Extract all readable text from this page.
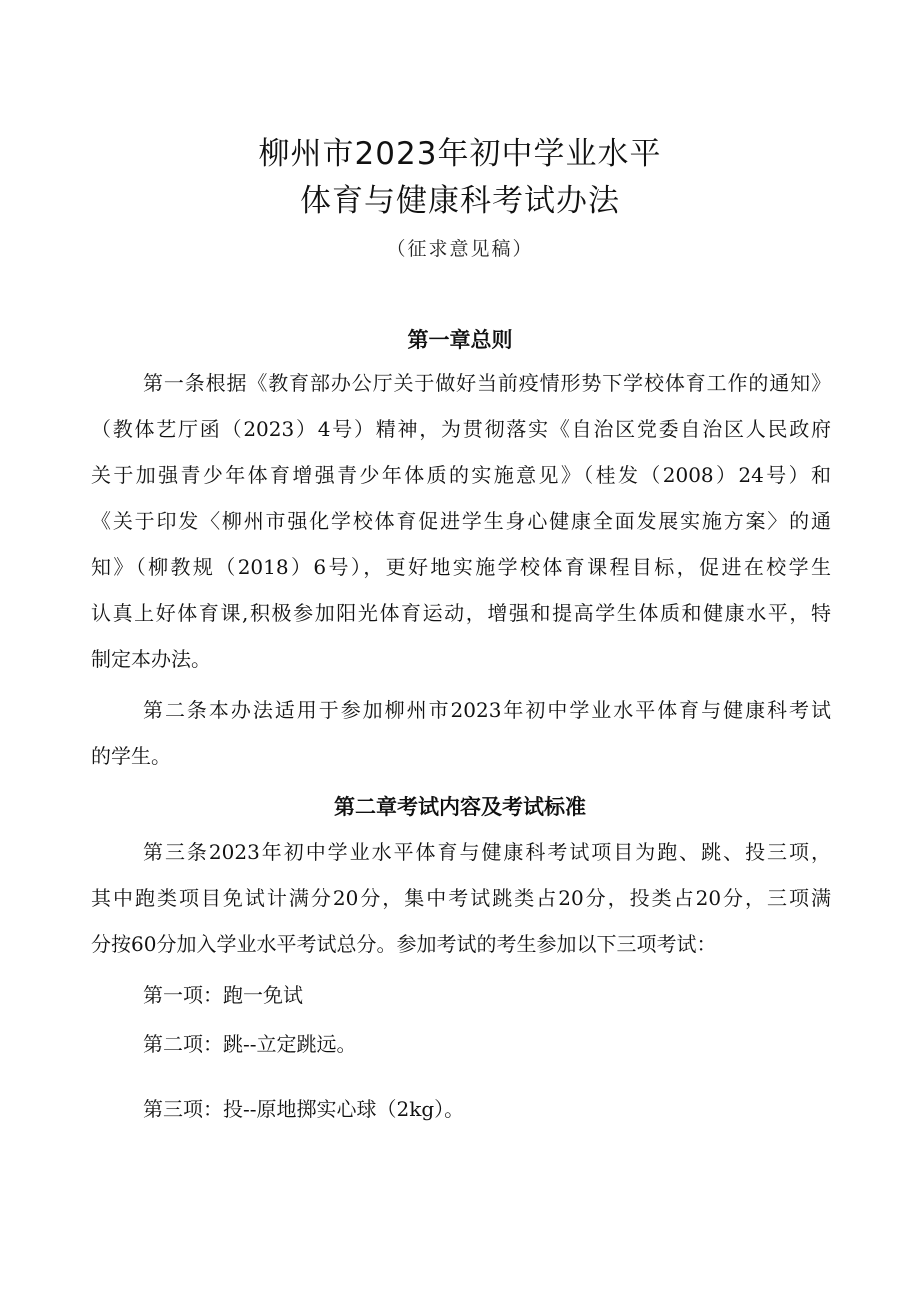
柳州市2023年初中学业水平
体育与健康科考试办法
（征求意见稿）
第一章总则
第一条根据《教育部办公厅关于做好当前疫情形势下学校体育工作的通知》
（教体艺厅函（2023）4号）精神，为贯彻落实《自治区党委自治区人民政府
关于加强青少年体育增强青少年体质的实施意见》（桂发（2008）24号）和
《关于印发〈柳州市强化学校体育促进学生身心健康全面发展实施方案〉的通
知》（柳教规（2018）6号），更好地实施学校体育课程目标，促进在校学生
认真上好体育课,积极参加阳光体育运动，增强和提高学生体质和健康水平，特
制定本办法。
第二条本办法适用于参加柳州市2023年初中学业水平体育与健康科考试
的学生。
第二章考试内容及考试标准
第三条2023年初中学业水平体育与健康科考试项目为跑、跳、投三项，
其中跑类项目免试计满分20分，集中考试跳类占20分，投类占20分，三项满
分按60分加入学业水平考试总分。参加考试的考生参加以下三项考试：
第一项：跑一免试
第二项：跳--立定跳远。
第三项：投--原地掷实心球（2kg）。
